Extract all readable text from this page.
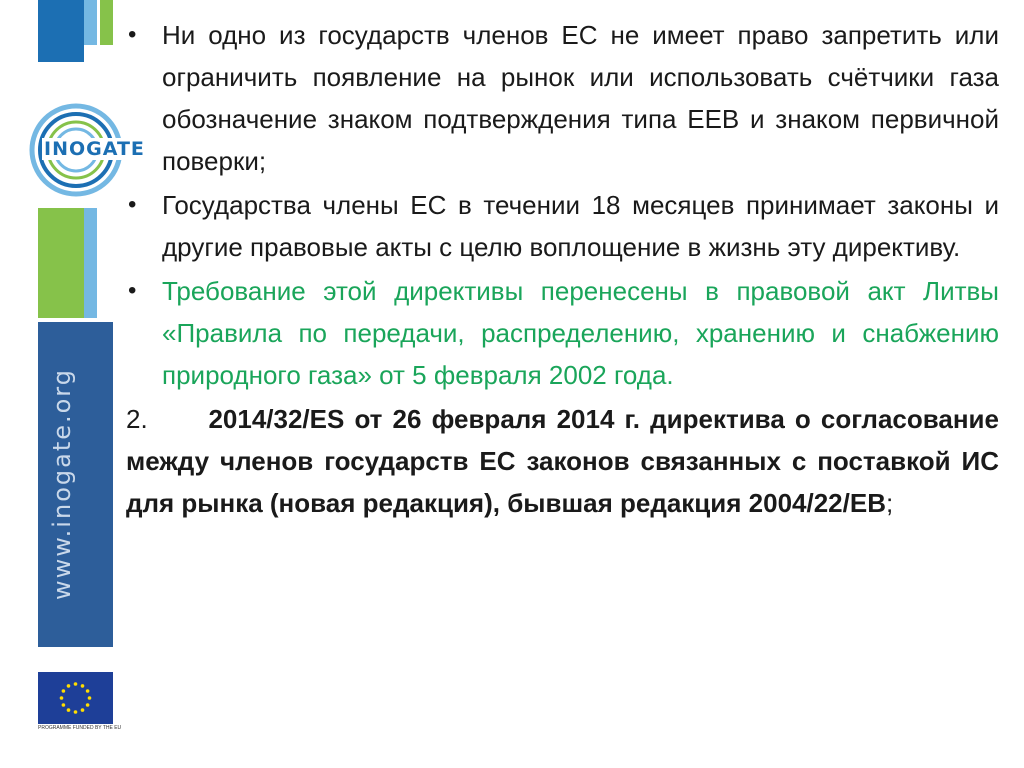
www.inogate.org
INOGATE
PROGRAMME FUNDED BY THE EU
• Ни одно из государств членов ЕС не имеет право запретить или ограничить появление на рынок или использовать счётчики газа обозначение знаком подтверждения типа ЕЕВ и знаком первичной поверки;
• Государства члены ЕС в течении 18 месяцев принимает законы и другие правовые акты с целю воплощение в жизнь эту директиву.
• Требование этой директивы перенесены в правовой акт Литвы «Правила по передачи, распределению, хранению и снабжению природного газа» от 5 февраля 2002 года.
2. 2014/32/ES от 26 февраля 2014 г. директива о согласование между членов государств ЕС законов связанных с поставкой ИС для рынка (новая редакция), бывшая редакция 2004/22/ЕВ;
